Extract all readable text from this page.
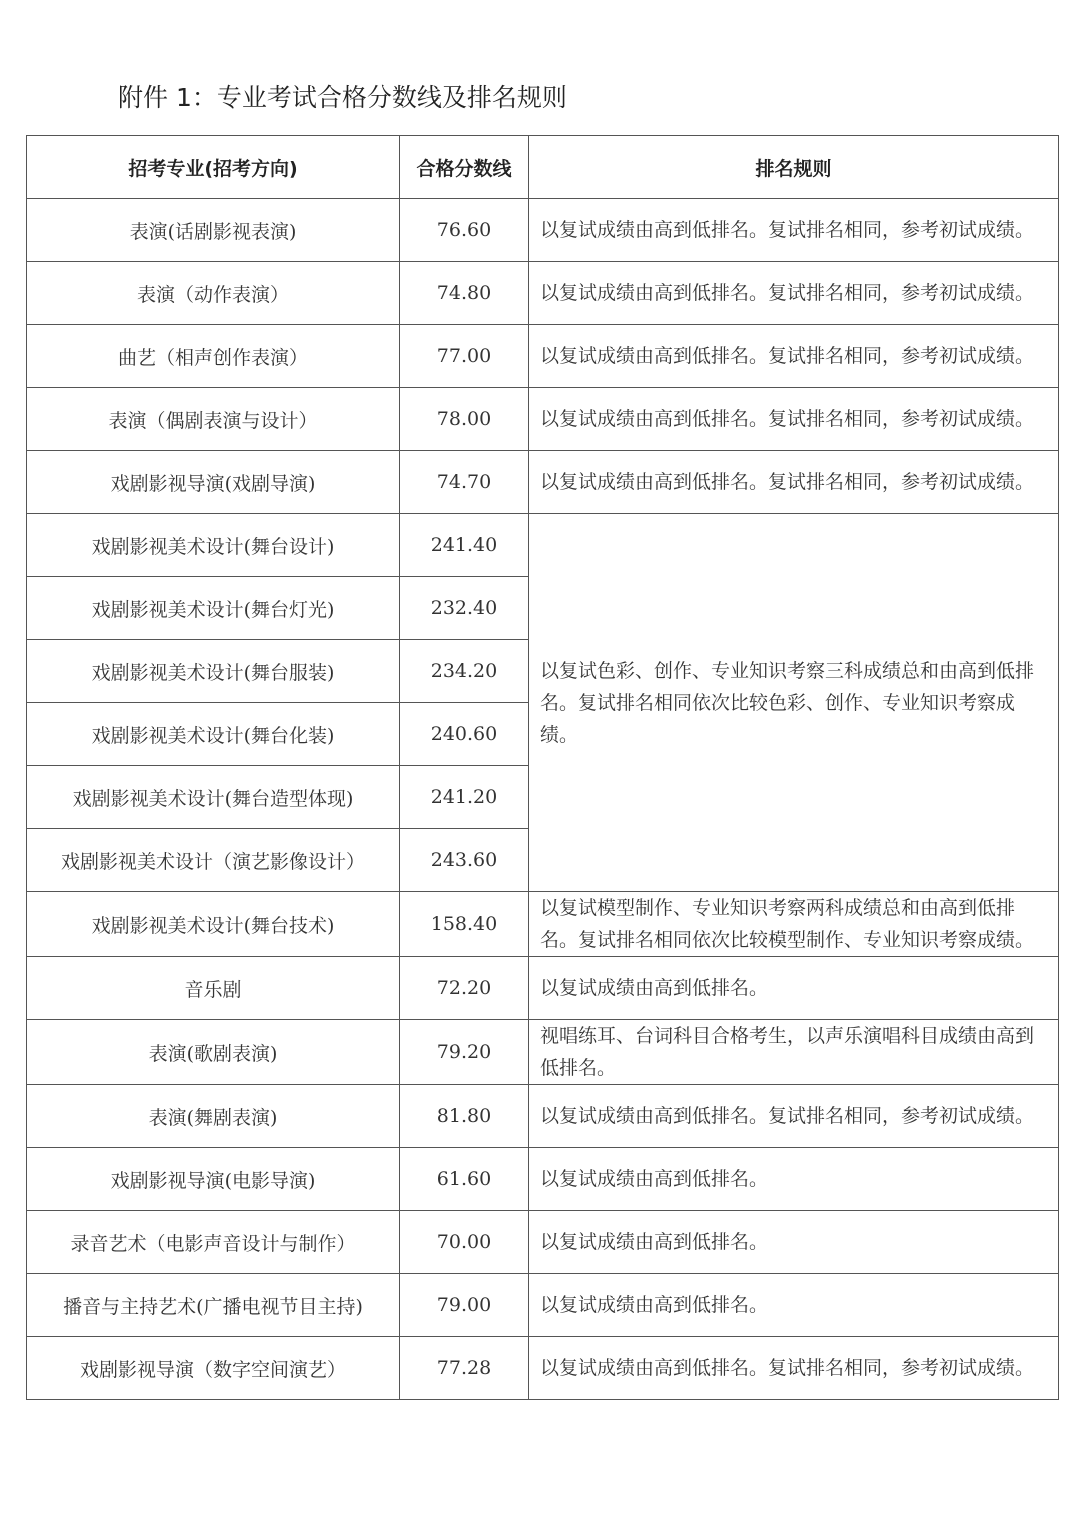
附件 1：专业考试合格分数线及排名规则
招考专业(招考方向)	合格分数线	排名规则
表演(话剧影视表演)	76.60	以复试成绩由高到低排名。复试排名相同，参考初试成绩。
表演（动作表演）	74.80	以复试成绩由高到低排名。复试排名相同，参考初试成绩。
曲艺（相声创作表演）	77.00	以复试成绩由高到低排名。复试排名相同，参考初试成绩。
表演（偶剧表演与设计）	78.00	以复试成绩由高到低排名。复试排名相同，参考初试成绩。
戏剧影视导演(戏剧导演)	74.70	以复试成绩由高到低排名。复试排名相同，参考初试成绩。
戏剧影视美术设计(舞台设计)	241.40	以复试色彩、创作、专业知识考察三科成绩总和由高到低排名。复试排名相同依次比较色彩、创作、专业知识考察成绩。
戏剧影视美术设计(舞台灯光)	232.40	
戏剧影视美术设计(舞台服装)	234.20	
戏剧影视美术设计(舞台化装)	240.60	
戏剧影视美术设计(舞台造型体现)	241.20	
戏剧影视美术设计（演艺影像设计）	243.60	
戏剧影视美术设计(舞台技术)	158.40	以复试模型制作、专业知识考察两科成绩总和由高到低排名。复试排名相同依次比较模型制作、专业知识考察成绩。
音乐剧	72.20	以复试成绩由高到低排名。
表演(歌剧表演)	79.20	视唱练耳、台词科目合格考生，以声乐演唱科目成绩由高到低排名。
表演(舞剧表演)	81.80	以复试成绩由高到低排名。复试排名相同，参考初试成绩。
戏剧影视导演(电影导演)	61.60	以复试成绩由高到低排名。
录音艺术（电影声音设计与制作）	70.00	以复试成绩由高到低排名。
播音与主持艺术(广播电视节目主持)	79.00	以复试成绩由高到低排名。
戏剧影视导演（数字空间演艺）	77.28	以复试成绩由高到低排名。复试排名相同，参考初试成绩。
